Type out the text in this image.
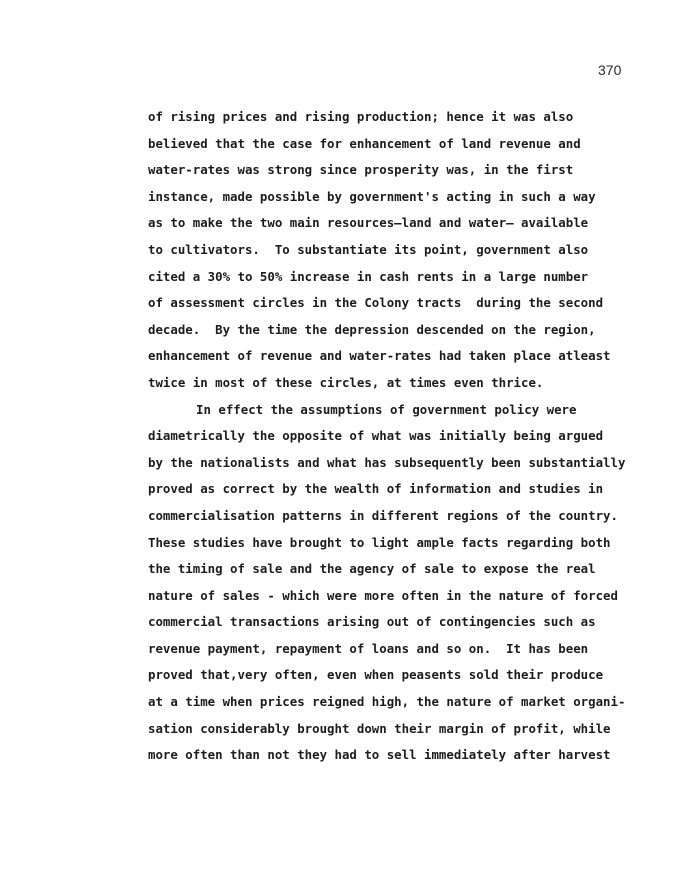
370
of rising prices and rising production; hence it was also
believed that the case for enhancement of land revenue and
water-rates was strong since prosperity was, in the first
instance, made possible by government's acting in such a way
as to make the two main resources—land and water— available
to cultivators.  To substantiate its point, government also
cited a 30% to 50% increase in cash rents in a large number
of assessment circles in the Colony tracts  during the second
decade.  By the time the depression descended on the region,
enhancement of revenue and water-rates had taken place atleast
twice in most of these circles, at times even thrice.
In effect the assumptions of government policy were
diametrically the opposite of what was initially being argued
by the nationalists and what has subsequently been substantially
proved as correct by the wealth of information and studies in
commercialisation patterns in different regions of the country.
These studies have brought to light ample facts regarding both
the timing of sale and the agency of sale to expose the real
nature of sales - which were more often in the nature of forced
commercial transactions arising out of contingencies such as
revenue payment, repayment of loans and so on.  It has been
proved that,very often, even when peasents sold their produce
at a time when prices reigned high, the nature of market organi-
sation considerably brought down their margin of profit, while
more often than not they had to sell immediately after harvest
